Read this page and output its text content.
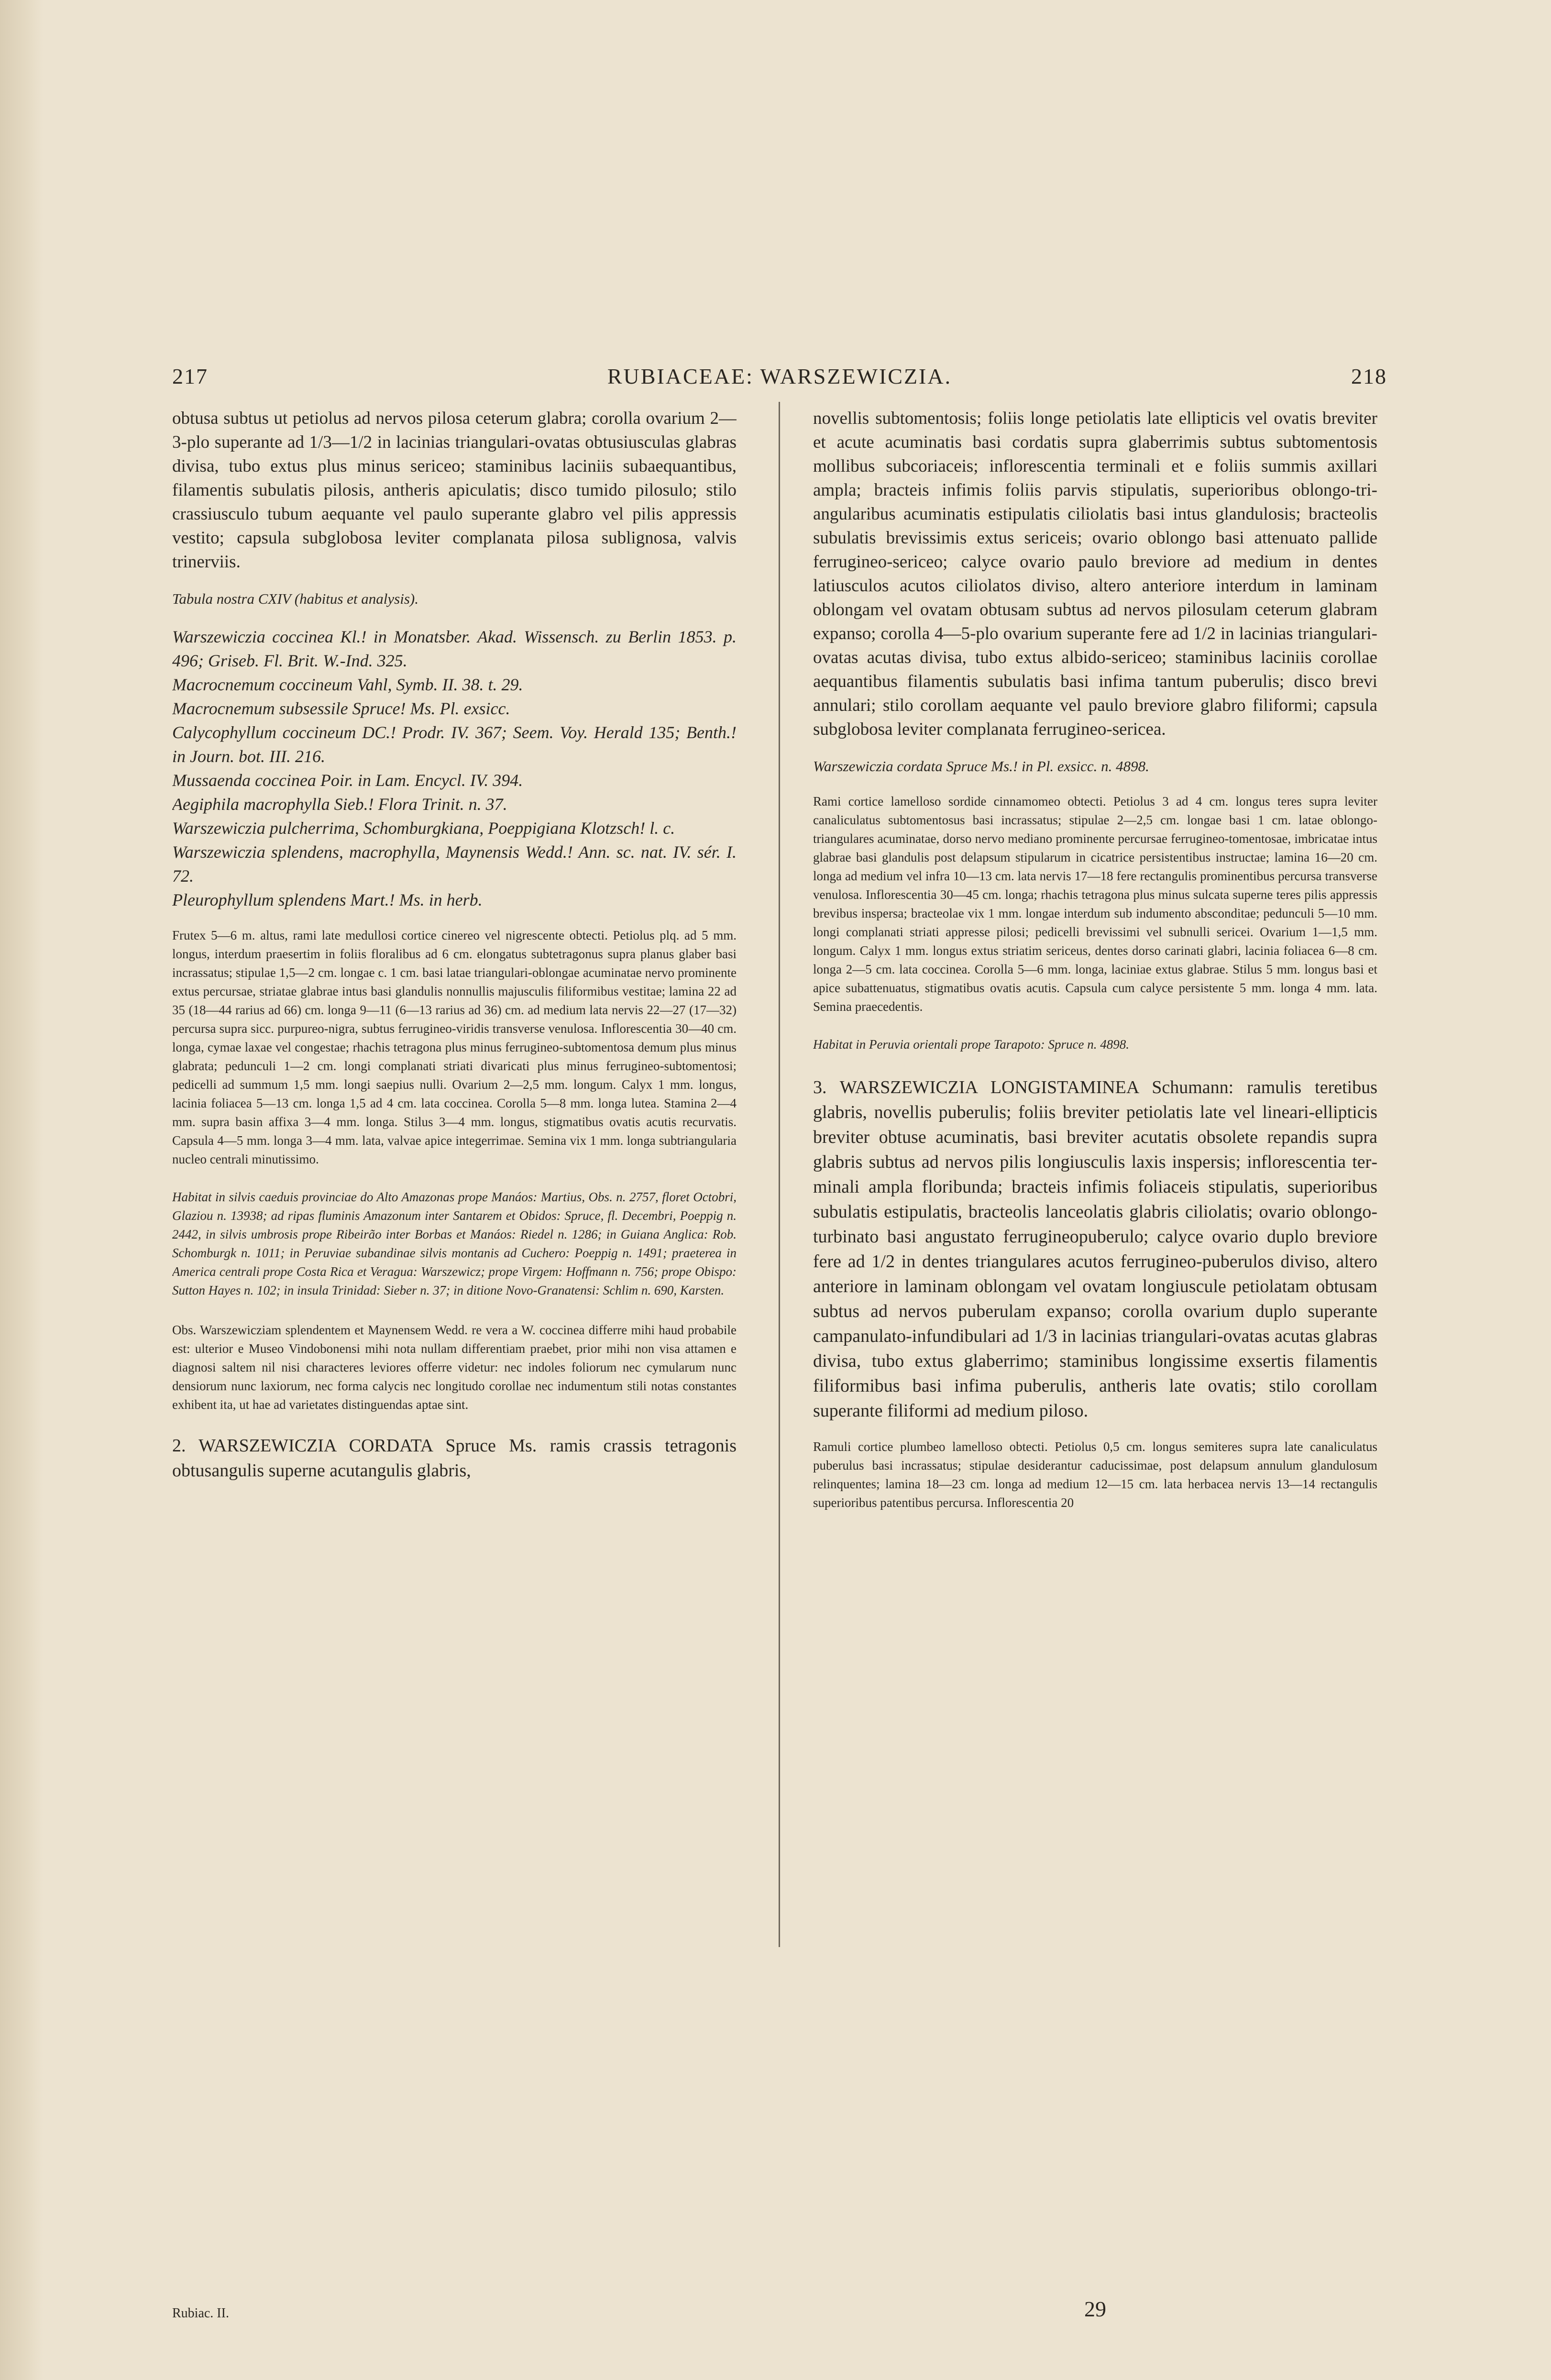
217	RUBIACEAE: WARSZEWICZIA.	218

obtusa subtus ut petiolus ad nervos pilosa ceterum glabra; corolla ovarium 2—3-plo superante ad 1/3—1/2 in lacinias triangulari-ovatas obtusiusculas glabras divisa, tubo extus plus minus sericeo; staminibus laciniis subaequantibus, filamentis subulatis pilosis, antheris apiculatis; disco tumido pilosulo; stilo crassiusculo tubum aequante vel paulo superante glabro vel pilis appressis vestito; capsula subglobosa leviter complanata pilosa sublignosa, valvis trinerviis.

Tabula nostra CXIV (habitus et analysis).

Warszewiczia coccinea Kl.! in Monatsber. Akad. Wissensch. zu Berlin 1853. p. 496; Griseb. Fl. Brit. W.-Ind. 325.

Macrocnemum coccineum Vahl, Symb. II. 38. t. 29.

Macrocnemum subsessile Spruce! Ms. Pl. exsicc.

Calycophyllum coccineum DC.! Prodr. IV. 367; Seem. Voy. Herald 135; Benth.! in Journ. bot. III. 216.

Mussaenda coccinea Poir. in Lam. Encycl. IV. 394.

Aegiphila macrophylla Sieb.! Flora Trinit. n. 37.

Warszewiczia pulcherrima, Schomburgkiana, Poeppigiana Klotzsch! l. c.

Warszewiczia splendens, macrophylla, Maynensis Wedd.! Ann. sc. nat. IV. sér. I. 72.

Pleurophyllum splendens Mart.! Ms. in herb.

Frutex 5—6 m. altus, rami late medullosi cortice cinereo vel nigrescente obtecti. Petiolus plq. ad 5 mm. longus, interdum praesertim in foliis floralibus ad 6 cm. elongatus subtetragonus supra planus glaber basi incrassatus; stipulae 1,5—2 cm. longae c. 1 cm. basi latae triangulari-oblongae acuminatae nervo prominente extus percursae, striatae glabrae intus basi glandulis nonnullis majusculis filiformibus vestitae; lamina 22 ad 35 (18—44 rarius ad 66) cm. longa 9—11 (6—13 rarius ad 36) cm. ad medium lata nervis 22—27 (17—32) percursa supra sicc. purpureo-nigra, subtus ferrugineo-viridis transverse venulosa. Inflorescentia 30—40 cm. longa, cymae laxae vel congestae; rhachis tetragona plus minus ferrugineo-subtomentosa demum plus minus glabrata; pedunculi 1—2 cm. longi complanati striati divaricati plus minus ferrugineo-subtomentosi; pedicelli ad summum 1,5 mm. longi saepius nulli. Ovarium 2—2,5 mm. longum. Calyx 1 mm. longus, lacinia foliacea 5—13 cm. longa 1,5 ad 4 cm. lata coccinea. Corolla 5—8 mm. longa lutea. Stamina 2—4 mm. supra basin affixa 3—4 mm. longa. Stilus 3—4 mm. longus, stigmatibus ovatis acutis recurvatis. Capsula 4—5 mm. longa 3—4 mm. lata, valvae apice integerrimae. Semina vix 1 mm. longa subtriangularia nucleo centrali minutissimo.

Habitat in silvis caeduis provinciae do Alto Amazonas prope Manáos: Martius, Obs. n. 2757, floret Octobri, Glaziou n. 13938; ad ripas fluminis Amazonum inter Santarem et Obidos: Spruce, fl. Decembri, Poeppig n. 2442, in silvis umbrosis prope Ribeirão inter Borbas et Manáos: Riedel n. 1286; in Guiana Anglica: Rob. Schomburgk n. 1011; in Peruviae subandinae silvis montanis ad Cuchero: Poeppig n. 1491; praeterea in America centrali prope Costa Rica et Veragua: Warszewicz; prope Virgem: Hoffmann n. 756; prope Obispo: Sutton Hayes n. 102; in insula Trinidad: Sieber n. 37; in ditione Novo-Granatensi: Schlim n. 690, Karsten.

Obs. Warszewicziam splendentem et Maynensem Wedd. re vera a W. coccinea differre mihi haud probabile est: ulterior e Museo Vindobonensi mihi nota nullam differentiam praebet, prior mihi non visa attamen e diagnosi saltem nil nisi characteres leviores offerre videtur: nec indoles foliorum nec cymularum nunc densiorum nunc laxiorum, nec forma calycis nec longitudo corollae nec indumentum stili notas constantes exhibent ita, ut hae ad varietates distinguendas aptae sint.

2. WARSZEWICZIA CORDATA Spruce Ms. ramis crassis tetragonis obtusangulis superne acutangulis glabris,

novellis subtomentosis; foliis longe petiolatis late ellipticis vel ovatis breviter et acute acuminatis basi cordatis supra glaberrimis subtus subtomentosis mollibus subcoriaceis; inflorescentia terminali et e foliis summis axillari ampla; bracteis infimis foliis parvis stipulatis, superioribus oblongo-triangularibus acuminatis estipulatis ciliolatis basi intus glandulosis; bracteolis subulatis brevissimis extus sericeis; ovario oblongo basi attenuato pallide ferrugineo-sericeo; calyce ovario paulo breviore ad medium in dentes latiusculos acutos ciliolatos diviso, altero anteriore interdum in laminam oblongam vel ovatam obtusam subtus ad nervos pilosulam ceterum glabram expanso; corolla 4—5-plo ovarium superante fere ad 1/2 in lacinias triangulari-ovatas acutas divisa, tubo extus albido-sericeo; staminibus laciniis corollae aequantibus filamentis subulatis basi infima tantum puberulis; disco brevi annulari; stilo corollam aequante vel paulo breviore glabro filiformi; capsula subglobosa leviter complanata ferrugineo-sericea.

Warszewiczia cordata Spruce Ms.! in Pl. exsicc. n. 4898.

Rami cortice lamelloso sordide cinnamomeo obtecti. Petiolus 3 ad 4 cm. longus teres supra leviter canaliculatus subtomentosus basi incrassatus; stipulae 2—2,5 cm. longae basi 1 cm. latae oblongo-triangulares acuminatae, dorso nervo mediano prominente percursae ferrugineo-tomentosae, imbricatae intus glabrae basi glandulis post delapsum stipularum in cicatrice persistentibus instructae; lamina 16—20 cm. longa ad medium vel infra 10—13 cm. lata nervis 17—18 fere rectangulis prominentibus percursa transverse venulosa. Inflorescentia 30—45 cm. longa; rhachis tetragona plus minus sulcata superne teres pilis appressis brevibus inspersa; bracteolae vix 1 mm. longae interdum sub indumento absconditae; pedunculi 5—10 mm. longi complanati striati appresse pilosi; pedicelli brevissimi vel subnulli sericei. Ovarium 1—1,5 mm. longum. Calyx 1 mm. longus extus striatim sericeus, dentes dorso carinati glabri, lacinia foliacea 6—8 cm. longa 2—5 cm. lata coccinea. Corolla 5—6 mm. longa, laciniae extus glabrae. Stilus 5 mm. longus basi et apice subattenuatus, stigmatibus ovatis acutis. Capsula cum calyce persistente 5 mm. longa 4 mm. lata. Semina praecedentis.

Habitat in Peruvia orientali prope Tarapoto: Spruce n. 4898.

3. WARSZEWICZIA LONGISTAMINEA Schumann: ramulis teretibus glabris, novellis puberulis; foliis breviter petiolatis late vel lineari-ellipticis breviter obtuse acuminatis, basi breviter acutatis obsolete repandis supra glabris subtus ad nervos pilis longiusculis laxis inspersis; inflorescentia terminali ampla floribunda; bracteis infimis foliaceis stipulatis, superioribus subulatis estipulatis, bracteolis lanceolatis glabris ciliolatis; ovario oblongo-turbinato basi angustato ferrugineopuberulo; calyce ovario duplo breviore fere ad 1/2 in dentes triangulares acutos ferrugineo-puberulos diviso, altero anteriore in laminam oblongam vel ovatam longiuscule petiolatam obtusam subtus ad nervos puberulam expanso; corolla ovarium duplo superante campanulato-infundibulari ad 1/3 in lacinias triangulari-ovatas acutas glabras divisa, tubo extus glaberrimo; staminibus longissime exsertis filamentis filiformibus basi infima puberulis, antheris late ovatis; stilo corollam superante filiformi ad medium piloso.

Ramuli cortice plumbeo lamelloso obtecti. Petiolus 0,5 cm. longus semiteres supra late canaliculatus puberulus basi incrassatus; stipulae desiderantur caducissimae, post delapsum annulum glandulosum relinquentes; lamina 18—23 cm. longa ad medium 12—15 cm. lata herbacea nervis 13—14 rectangulis superioribus patentibus percursa. Inflorescentia 20

Rubiac. II.	29
